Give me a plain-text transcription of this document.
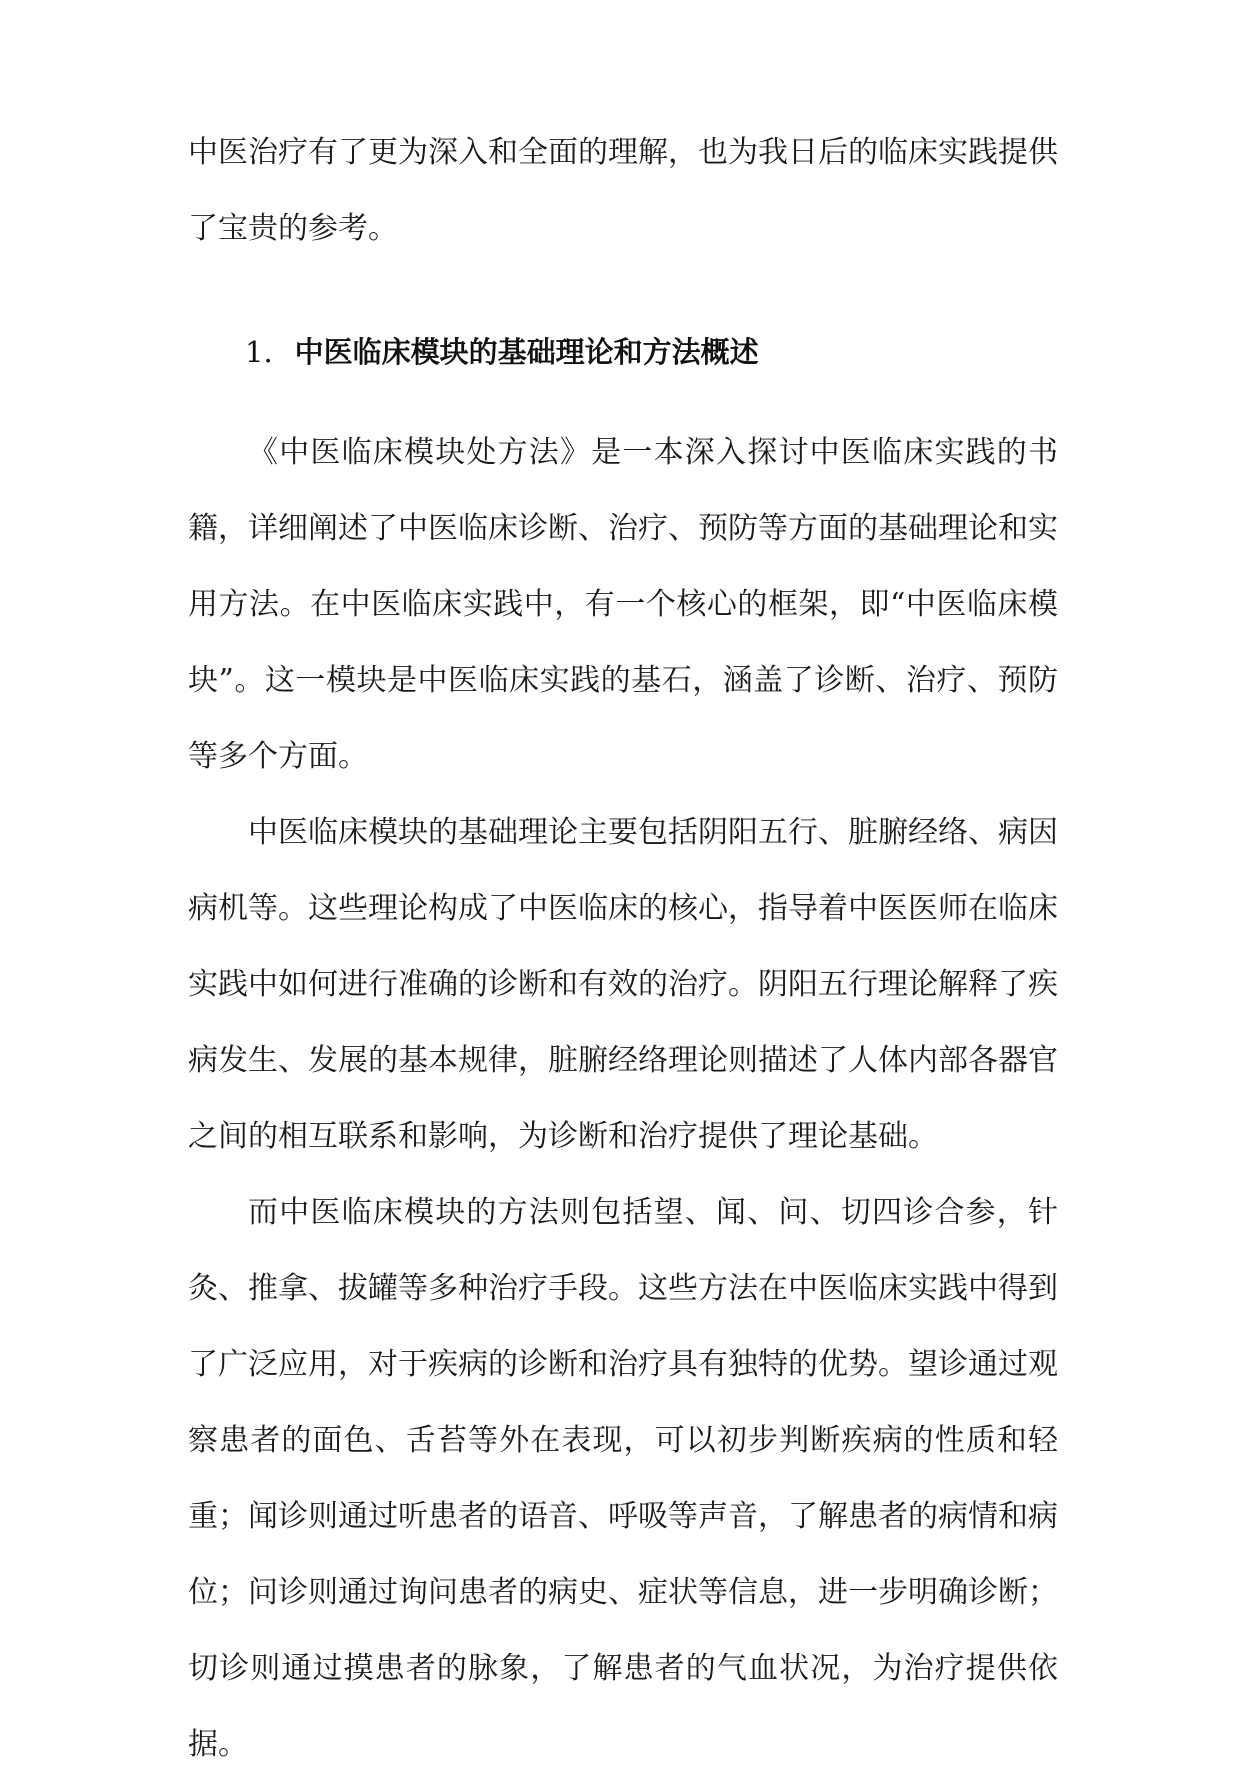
中医治疗有了更为深入和全面的理解，也为我日后的临床实践提供了宝贵的参考。

1. 中医临床模块的基础理论和方法概述

《中医临床模块处方法》是一本深入探讨中医临床实践的书籍，详细阐述了中医临床诊断、治疗、预防等方面的基础理论和实用方法。在中医临床实践中，有一个核心的框架，即“中医临床模块”。这一模块是中医临床实践的基石，涵盖了诊断、治疗、预防等多个方面。

中医临床模块的基础理论主要包括阴阳五行、脏腑经络、病因病机等。这些理论构成了中医临床的核心，指导着中医医师在临床实践中如何进行准确的诊断和有效的治疗。阴阳五行理论解释了疾病发生、发展的基本规律，脏腑经络理论则描述了人体内部各器官之间的相互联系和影响，为诊断和治疗提供了理论基础。

而中医临床模块的方法则包括望、闻、问、切四诊合参，针灸、推拿、拔罐等多种治疗手段。这些方法在中医临床实践中得到了广泛应用，对于疾病的诊断和治疗具有独特的优势。望诊通过观察患者的面色、舌苔等外在表现，可以初步判断疾病的性质和轻重；闻诊则通过听患者的语音、呼吸等声音，了解患者的病情和病位；问诊则通过询问患者的病史、症状等信息，进一步明确诊断；切诊则通过摸患者的脉象，了解患者的气血状况，为治疗提供依据。
